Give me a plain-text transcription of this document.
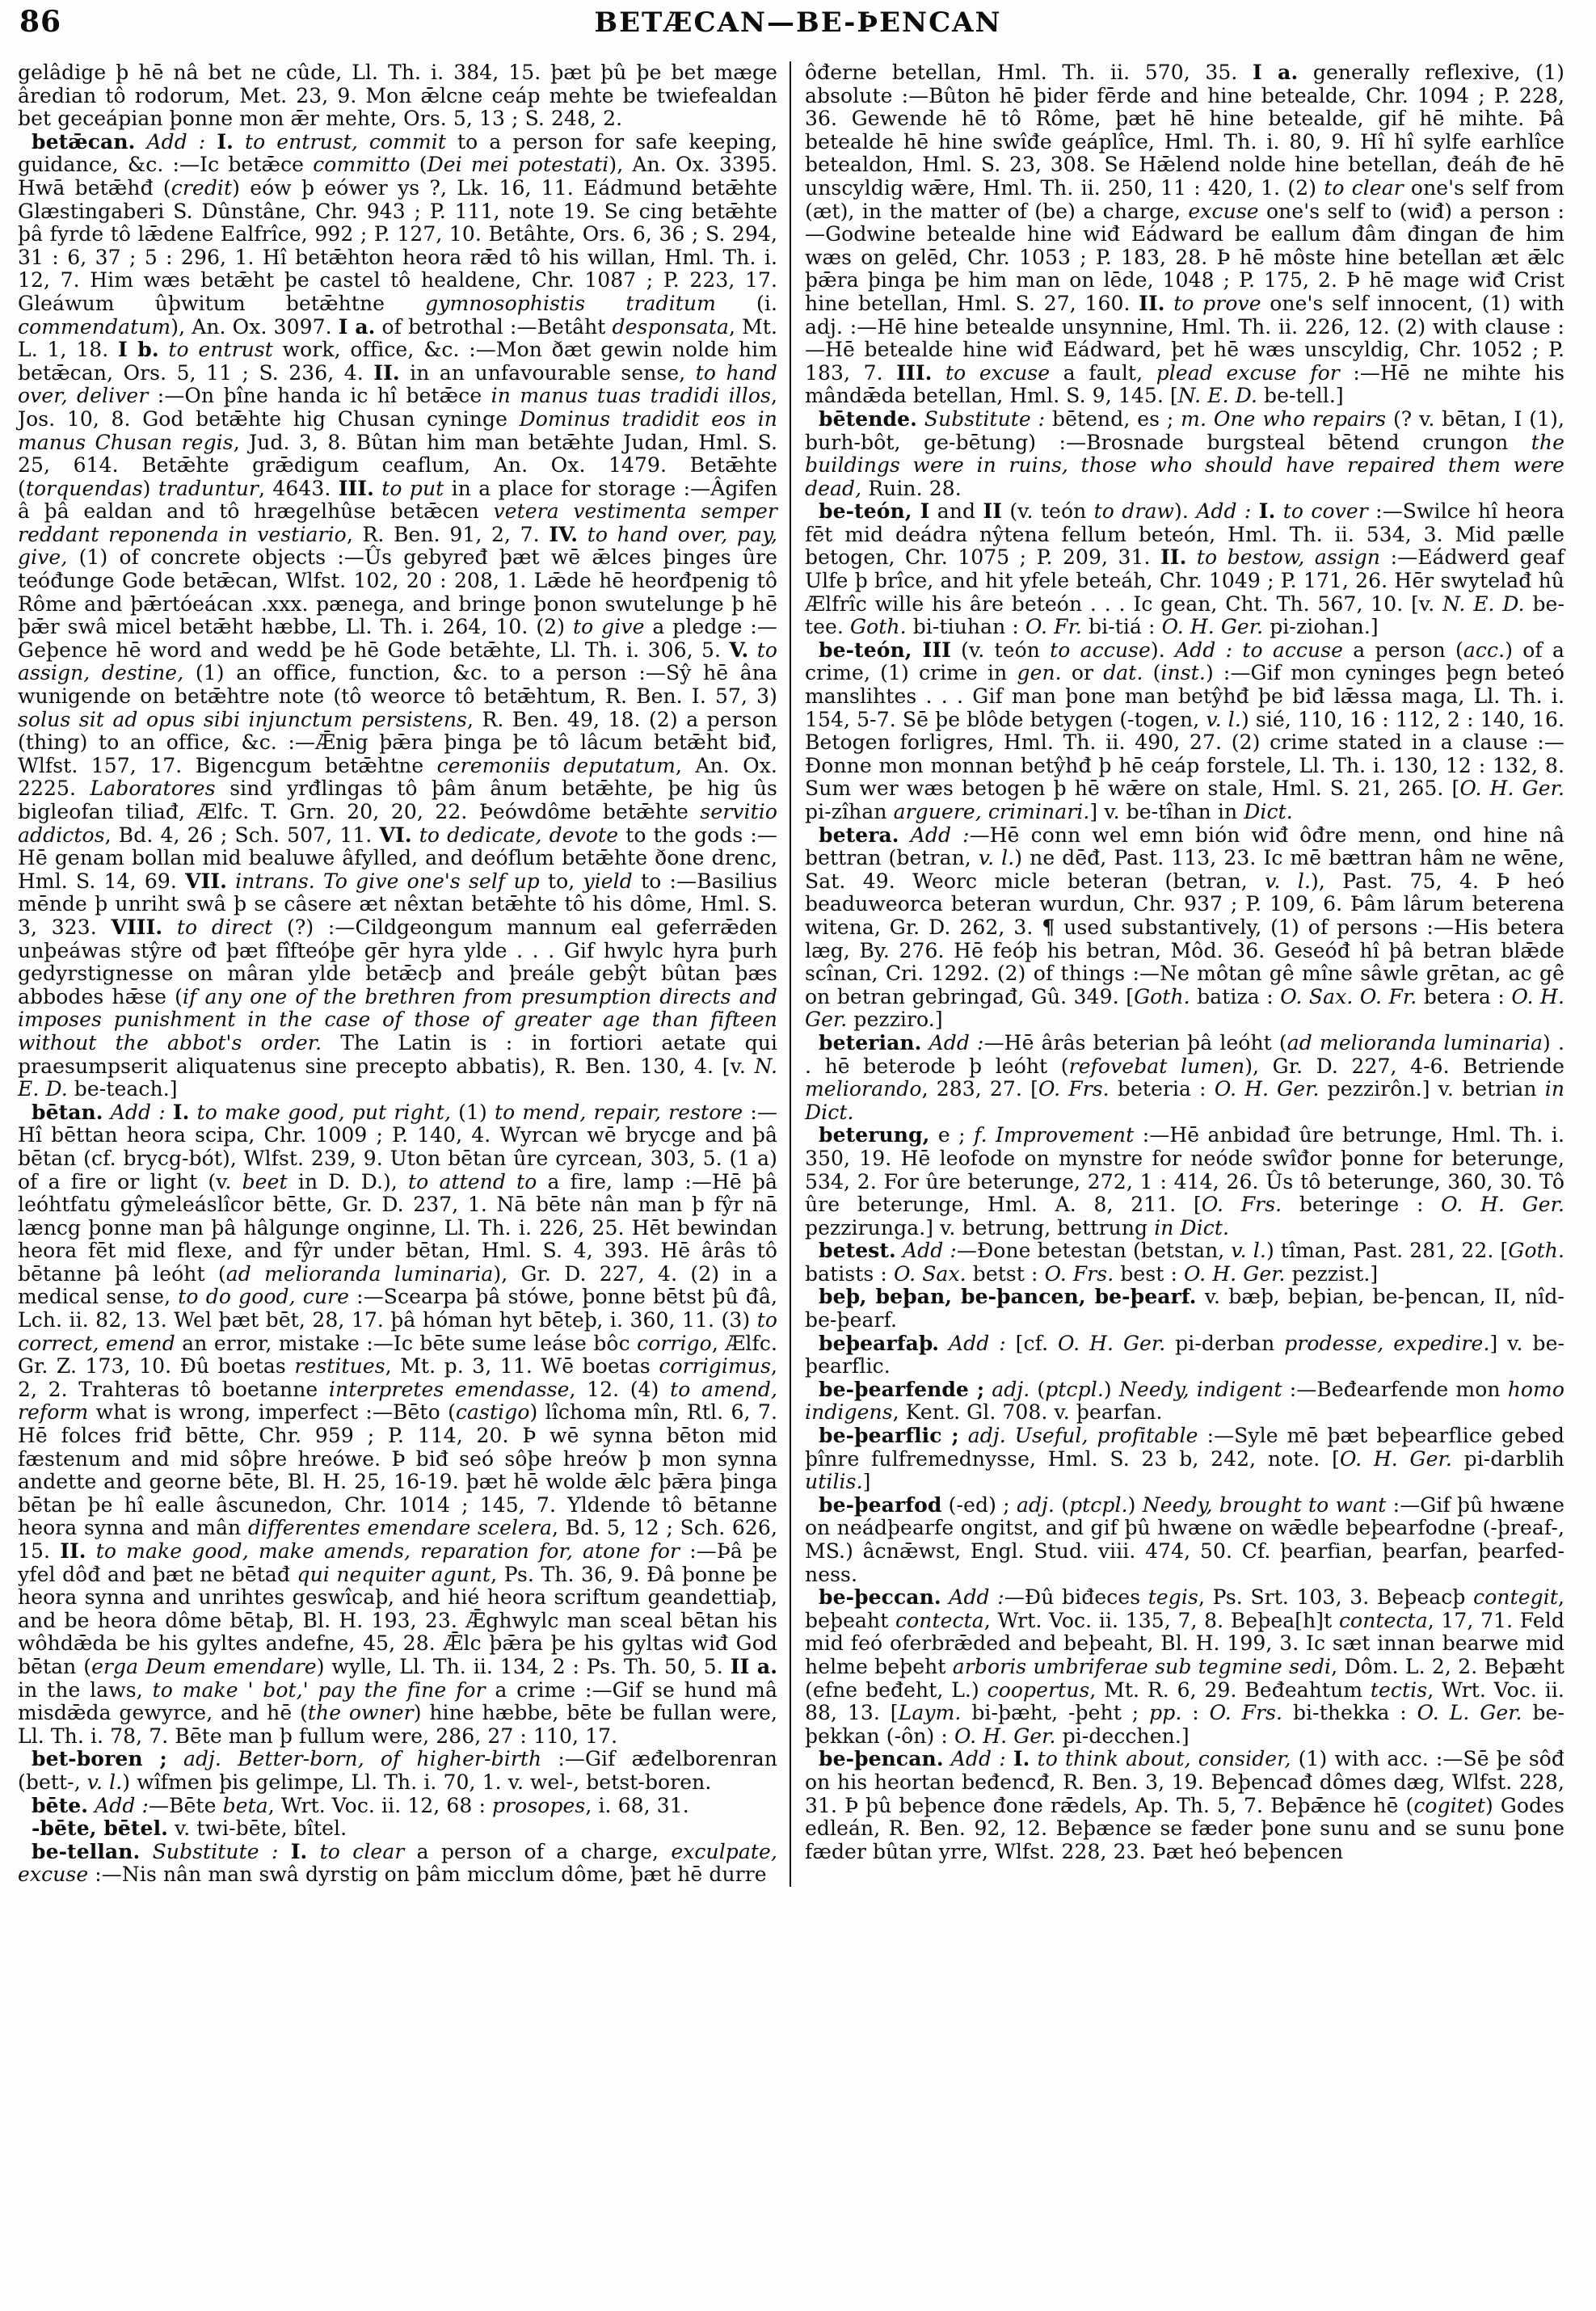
86	BETÆCAN—BE-ÞENCAN

gelâdige þ hē nâ bet ne cûde, Ll. Th. i. 384, 15. þæt þû þe bet mæge âredian tô rodorum, Met. 23, 9. Mon ǣlcne ceáp mehte be twiefealdan bet geceápian þonne mon ǣr mehte, Ors. 5, 13 ; S. 248, 2.

betǣcan. Add : I. to entrust, commit to a person for safe keeping, guidance, &c. :—Ic betǣce committo (Dei mei potestati), An. Ox. 3395. Hwā betǣhđ (credit) eów þ eówer ys ?, Lk. 16, 11. Eádmund betǣhte Glæstingaberi S. Dûnstâne, Chr. 943 ; P. 111, note 19. Se cing betǣhte þâ fyrde tô lǣdene Ealfrîce, 992 ; P. 127, 10. Betâhte, Ors. 6, 36 ; S. 294, 31 : 6, 37 ; 5 : 296, 1. Hî betǣhton heora rǣd tô his willan, Hml. Th. i. 12, 7. Him wæs betǣht þe castel tô healdene, Chr. 1087 ; P. 223, 17. Gleáwum ûþwitum betǣhtne gymnosophistis traditum (i. commendatum), An. Ox. 3097. I a. of betrothal :—Betâht desponsata, Mt. L. 1, 18. I b. to entrust work, office, &c. :—Mon ðæt gewin nolde him betǣcan, Ors. 5, 11 ; S. 236, 4. II. in an unfavourable sense, to hand over, deliver :—On þîne handa ic hî betǣce in manus tuas tradidi illos, Jos. 10, 8. God betǣhte hig Chusan cyninge Dominus tradidit eos in manus Chusan regis, Jud. 3, 8. Bûtan him man betǣhte Judan, Hml. S. 25, 614. Betǣhte grǣdigum ceaflum, An. Ox. 1479. Betǣhte (torquendas) traduntur, 4643. III. to put in a place for storage :—Âgifen â þâ ealdan and tô hrægelhûse betǣcen vetera vestimenta semper reddant reponenda in vestiario, R. Ben. 91, 2, 7. IV. to hand over, pay, give, (1) of concrete objects :—Ûs gebyređ þæt wē ǣlces þinges ûre teóđunge Gode betǣcan, Wlfst. 102, 20 : 208, 1. Lǣde hē heorđpenig tô Rôme and þǣrtóeácan .xxx. pænega, and bringe þonon swutelunge þ hē þǣr swâ micel betǣht hæbbe, Ll. Th. i. 264, 10. (2) to give a pledge :—Geþence hē word and wedd þe hē Gode betǣhte, Ll. Th. i. 306, 5. V. to assign, destine, (1) an office, function, &c. to a person :—Sŷ hē âna wunigende on betǣhtre note (tô weorce tô betǣhtum, R. Ben. I. 57, 3) solus sit ad opus sibi injunctum persistens, R. Ben. 49, 18. (2) a person (thing) to an office, &c. :—Ǣnig þǣra þinga þe tô lâcum betǣht biđ, Wlfst. 157, 17. Bigencgum betǣhtne ceremoniis deputatum, An. Ox. 2225. Laboratores sind yrđlingas tô þâm ânum betǣhte, þe hig ûs bigleofan tiliađ, Ælfc. T. Grn. 20, 20, 22. Þeówdôme betǣhte servitio addictos, Bd. 4, 26 ; Sch. 507, 11. VI. to dedicate, devote to the gods :—Hē genam bollan mid bealuwe âfylled, and deóflum betǣhte ðone drenc, Hml. S. 14, 69. VII. intrans. To give one's self up to, yield to :—Basilius mēnde þ unriht swâ þ se câsere æt nêxtan betǣhte tô his dôme, Hml. S. 3, 323. VIII. to direct (?) :—Cildgeongum mannum eal geferrǣden unþeáwas stŷre ođ þæt fîfteóþe gēr hyra ylde . . . Gif hwylc hyra þurh gedyrstignesse on mâran ylde betǣcþ and þreále gebŷt bûtan þæs abbodes hǣse (if any one of the brethren from presumption directs and imposes punishment in the case of those of greater age than fifteen without the abbot's order. The Latin is : in fortiori aetate qui praesumpserit aliquatenus sine precepto abbatis), R. Ben. 130, 4. [v. N. E. D. be-teach.]

bētan. Add : I. to make good, put right, (1) to mend, repair, restore :—Hî bēttan heora scipa, Chr. 1009 ; P. 140, 4. Wyrcan wē brycge and þâ bētan (cf. brycg-bót), Wlfst. 239, 9. Uton bētan ûre cyrcean, 303, 5. (1 a) of a fire or light (v. beet in D. D.), to attend to a fire, lamp :—Hē þâ leóhtfatu gŷmeleáslîcor bētte, Gr. D. 237, 1. Nā bēte nân man þ fŷr nā læncg þonne man þâ hâlgunge onginne, Ll. Th. i. 226, 25. Hēt bewindan heora fēt mid flexe, and fŷr under bētan, Hml. S. 4, 393. Hē ârâs tô bētanne þâ leóht (ad melioranda luminaria), Gr. D. 227, 4. (2) in a medical sense, to do good, cure :—Scearpa þâ stówe, þonne bētst þû đâ, Lch. ii. 82, 13. Wel þæt bēt, 28, 17. þâ hóman hyt bēteþ, i. 360, 11. (3) to correct, emend an error, mistake :—Ic bēte sume leáse bôc corrigo, Ælfc. Gr. Z. 173, 10. Đû boetas restitues, Mt. p. 3, 11. Wē boetas corrigimus, 2, 2. Trahteras tô boetanne interpretes emendasse, 12. (4) to amend, reform what is wrong, imperfect :—Bēto (castigo) lîchoma mîn, Rtl. 6, 7. Hē folces friđ bētte, Chr. 959 ; P. 114, 20. Þ wē synna bēton mid fæstenum and mid sôþre hreówe. Þ biđ seó sôþe hreów þ mon synna andette and georne bēte, Bl. H. 25, 16-19. þæt hē wolde ǣlc þǣra þinga bētan þe hî ealle âscunedon, Chr. 1014 ; 145, 7. Yldende tô bētanne heora synna and mân differentes emendare scelera, Bd. 5, 12 ; Sch. 626, 15. II. to make good, make amends, reparation for, atone for :—Þâ þe yfel dôđ and þæt ne bētađ qui nequiter agunt, Ps. Th. 36, 9. Đâ þonne þe heora synna and unrihtes geswîcaþ, and hié heora scriftum geandettiaþ, and be heora dôme bētaþ, Bl. H. 193, 23. Ǣghwylc man sceal bētan his wôhdǣda be his gyltes andefne, 45, 28. Ǣlc þǣra þe his gyltas wiđ God bētan (erga Deum emendare) wylle, Ll. Th. ii. 134, 2 : Ps. Th. 50, 5. II a. in the laws, to make ' bot,' pay the fine for a crime :—Gif se hund mâ misdǣda gewyrce, and hē (the owner) hine hæbbe, bēte be fullan were, Ll. Th. i. 78, 7. Bēte man þ fullum were, 286, 27 : 110, 17.

bet-boren ; adj. Better-born, of higher-birth :—Gif æđelborenran (bett-, v. l.) wîfmen þis gelimpe, Ll. Th. i. 70, 1. v. wel-, betst-boren.

bēte. Add :—Bēte beta, Wrt. Voc. ii. 12, 68 : prosopes, i. 68, 31.

-bēte, bētel. v. twi-bēte, bîtel.

be-tellan. Substitute : I. to clear a person of a charge, exculpate, excuse :—Nis nân man swâ dyrstig on þâm micclum dôme, þæt hē durre

ôđerne betellan, Hml. Th. ii. 570, 35. I a. generally reflexive, (1) absolute :—Bûton hē þider fērde and hine betealde, Chr. 1094 ; P. 228, 36. Gewende hē tô Rôme, þæt hē hine betealde, gif hē mihte. Þâ betealde hē hine swîđe geáplîce, Hml. Th. i. 80, 9. Hî hî sylfe earhlîce betealdon, Hml. S. 23, 308. Se Hǣlend nolde hine betellan, đeáh đe hē unscyldig wǣre, Hml. Th. ii. 250, 11 : 420, 1. (2) to clear one's self from (æt), in the matter of (be) a charge, excuse one's self to (wiđ) a person :—Godwine betealde hine wiđ Eádward be eallum đâm đingan đe him wæs on gelēd, Chr. 1053 ; P. 183, 28. Þ hē môste hine betellan æt ǣlc þǣra þinga þe him man on lēde, 1048 ; P. 175, 2. Þ hē mage wiđ Crist hine betellan, Hml. S. 27, 160. II. to prove one's self innocent, (1) with adj. :—Hē hine betealde unsynnine, Hml. Th. ii. 226, 12. (2) with clause :—Hē betealde hine wiđ Eádward, þet hē wæs unscyldig, Chr. 1052 ; P. 183, 7. III. to excuse a fault, plead excuse for :—Hē ne mihte his mândǣda betellan, Hml. S. 9, 145. [N. E. D. be-tell.]

bētende. Substitute : bētend, es ; m. One who repairs (? v. bētan, I (1), burh-bôt, ge-bētung) :—Brosnade burgsteal bētend crungon the buildings were in ruins, those who should have repaired them were dead, Ruin. 28.

be-teón, I and II (v. teón to draw). Add : I. to cover :—Swilce hî heora fēt mid deádra nŷtena fellum beteón, Hml. Th. ii. 534, 3. Mid pælle betogen, Chr. 1075 ; P. 209, 31. II. to bestow, assign :—Eádwerd geaf Ulfe þ brîce, and hit yfele beteáh, Chr. 1049 ; P. 171, 26. Hēr swytelađ hû Ælfrîc wille his âre beteón . . . Ic gean, Cht. Th. 567, 10. [v. N. E. D. be-tee. Goth. bi-tiuhan : O. Fr. bi-tiá : O. H. Ger. pi-ziohan.]

be-teón, III (v. teón to accuse). Add : to accuse a person (acc.) of a crime, (1) crime in gen. or dat. (inst.) :—Gif mon cyninges þegn beteó manslihtes . . . Gif man þone man betŷhđ þe biđ lǣssa maga, Ll. Th. i. 154, 5-7. Sē þe blôde betygen (-togen, v. l.) sié, 110, 16 : 112, 2 : 140, 16. Betogen forligres, Hml. Th. ii. 490, 27. (2) crime stated in a clause :—Đonne mon monnan betŷhđ þ hē ceáp forstele, Ll. Th. i. 130, 12 : 132, 8. Sum wer wæs betogen þ hē wǣre on stale, Hml. S. 21, 265. [O. H. Ger. pi-zîhan arguere, criminari.] v. be-tîhan in Dict.

betera. Add :—Hē conn wel emn bión wiđ ôđre menn, ond hine nâ bettran (betran, v. l.) ne dēđ, Past. 113, 23. Ic mē bættran hâm ne wēne, Sat. 49. Weorc micle beteran (betran, v. l.), Past. 75, 4. Þ heó beaduweorca beteran wurdun, Chr. 937 ; P. 109, 6. Þâm lârum beterena witena, Gr. D. 262, 3. ¶ used substantively, (1) of persons :—His betera læg, By. 276. Hē feóþ his betran, Môd. 36. Geseóđ hî þâ betran blǣde scînan, Cri. 1292. (2) of things :—Ne môtan gê mîne sâwle grētan, ac gê on betran gebringađ, Gû. 349. [Goth. batiza : O. Sax. O. Fr. betera : O. H. Ger. pezziro.]

beterian. Add :—Hē ârâs beterian þâ leóht (ad melioranda luminaria) . . hē beterode þ leóht (refovebat lumen), Gr. D. 227, 4-6. Betriende meliorando, 283, 27. [O. Frs. beteria : O. H. Ger. pezzirôn.] v. betrian in Dict.

beterung, e ; f. Improvement :—Hē anbidađ ûre betrunge, Hml. Th. i. 350, 19. Hē leofode on mynstre for neóde swîđor þonne for beterunge, 534, 2. For ûre beterunge, 272, 1 : 414, 26. Ûs tô beterunge, 360, 30. Tô ûre beterunge, Hml. A. 8, 211. [O. Frs. beteringe : O. H. Ger. pezzirunga.] v. betrung, bettrung in Dict.

betest. Add :—Đone betestan (betstan, v. l.) tîman, Past. 281, 22. [Goth. batists : O. Sax. betst : O. Frs. best : O. H. Ger. pezzist.]

beþ, beþan, be-þancen, be-þearf. v. bæþ, beþian, be-þencan, II, nîd-be-þearf.

beþearfaþ. Add : [cf. O. H. Ger. pi-derban prodesse, expedire.] v. be-þearflic.

be-þearfende ; adj. (ptcpl.) Needy, indigent :—Beđearfende mon homo indigens, Kent. Gl. 708. v. þearfan.

be-þearflic ; adj. Useful, profitable :—Syle mē þæt beþearflice gebed þînre fulfremednysse, Hml. S. 23 b, 242, note. [O. H. Ger. pi-darblih utilis.]

be-þearfod (-ed) ; adj. (ptcpl.) Needy, brought to want :—Gif þû hwæne on neádþearfe ongitst, and gif þû hwæne on wǣdle beþearfodne (-þreaf-, MS.) âcnǣwst, Engl. Stud. viii. 474, 50. Cf. þearfian, þearfan, þearfed-ness.

be-þeccan. Add :—Đû biđeces tegis, Ps. Srt. 103, 3. Beþeacþ contegit, beþeaht contecta, Wrt. Voc. ii. 135, 7, 8. Beþea[h]t contecta, 17, 71. Feld mid feó oferbrǣded and beþeaht, Bl. H. 199, 3. Ic sæt innan bearwe mid helme beþeht arboris umbriferae sub tegmine sedi, Dôm. L. 2, 2. Beþæht (efne beđeht, L.) coopertus, Mt. R. 6, 29. Beđeahtum tectis, Wrt. Voc. ii. 88, 13. [Laym. bi-þæht, -þeht ; pp. : O. Frs. bi-thekka : O. L. Ger. be-þekkan (-ôn) : O. H. Ger. pi-decchen.]

be-þencan. Add : I. to think about, consider, (1) with acc. :—Sē þe sôđ on his heortan beđencđ, R. Ben. 3, 19. Beþencađ dômes dæg, Wlfst. 228, 31. Þ þû beþence đone rǣdels, Ap. Th. 5, 7. Beþǣnce hē (cogitet) Godes edleán, R. Ben. 92, 12. Beþænce se fæder þone sunu and se sunu þone fæder bûtan yrre, Wlfst. 228, 23. Þæt heó beþencen
